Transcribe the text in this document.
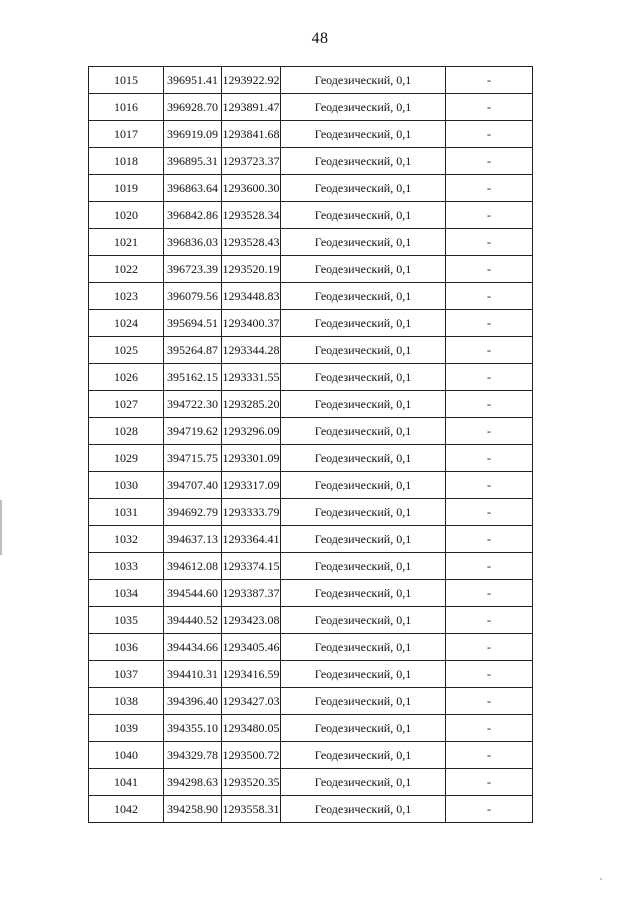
48
1015	396951.41	1293922.92	Геодезический, 0,1	-
1016	396928.70	1293891.47	Геодезический, 0,1	-
1017	396919.09	1293841.68	Геодезический, 0,1	-
1018	396895.31	1293723.37	Геодезический, 0,1	-
1019	396863.64	1293600.30	Геодезический, 0,1	-
1020	396842.86	1293528.34	Геодезический, 0,1	-
1021	396836.03	1293528.43	Геодезический, 0,1	-
1022	396723.39	1293520.19	Геодезический, 0,1	-
1023	396079.56	1293448.83	Геодезический, 0,1	-
1024	395694.51	1293400.37	Геодезический, 0,1	-
1025	395264.87	1293344.28	Геодезический, 0,1	-
1026	395162.15	1293331.55	Геодезический, 0,1	-
1027	394722.30	1293285.20	Геодезический, 0,1	-
1028	394719.62	1293296.09	Геодезический, 0,1	-
1029	394715.75	1293301.09	Геодезический, 0,1	-
1030	394707.40	1293317.09	Геодезический, 0,1	-
1031	394692.79	1293333.79	Геодезический, 0,1	-
1032	394637.13	1293364.41	Геодезический, 0,1	-
1033	394612.08	1293374.15	Геодезический, 0,1	-
1034	394544.60	1293387.37	Геодезический, 0,1	-
1035	394440.52	1293423.08	Геодезический, 0,1	-
1036	394434.66	1293405.46	Геодезический, 0,1	-
1037	394410.31	1293416.59	Геодезический, 0,1	-
1038	394396.40	1293427.03	Геодезический, 0,1	-
1039	394355.10	1293480.05	Геодезический, 0,1	-
1040	394329.78	1293500.72	Геодезический, 0,1	-
1041	394298.63	1293520.35	Геодезический, 0,1	-
1042	394258.90	1293558.31	Геодезический, 0,1	-
